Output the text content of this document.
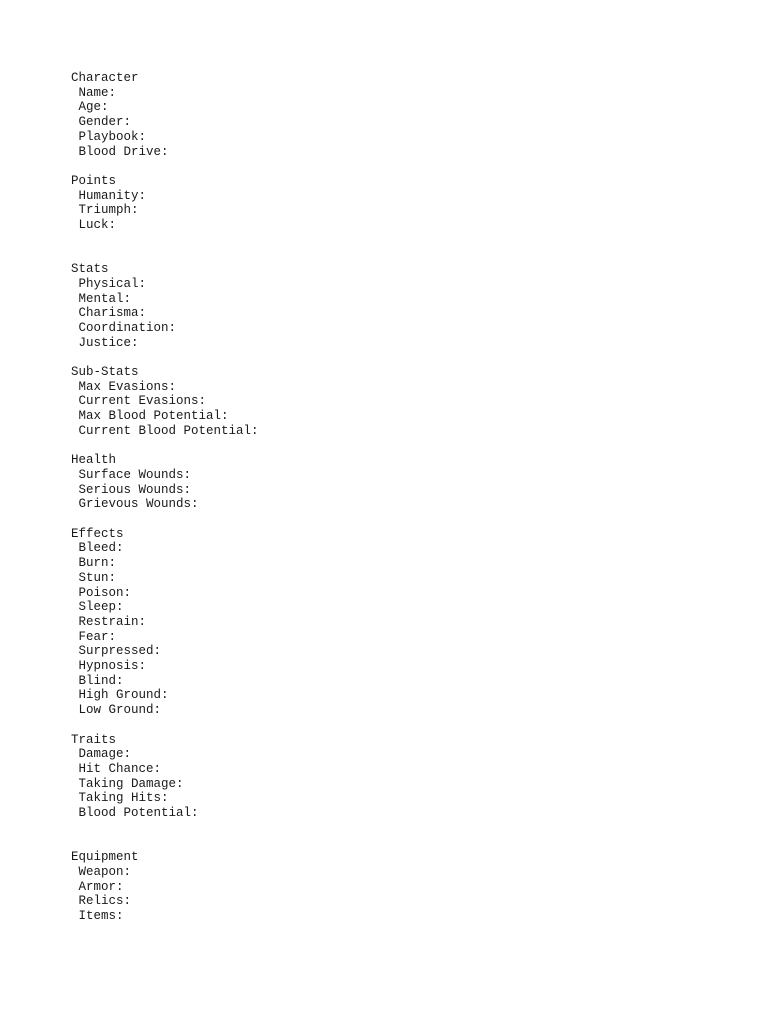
Character
Name:
Age:
Gender:
Playbook:
Blood Drive:
Points
Humanity:
Triumph:
Luck:
Stats
Physical:
Mental:
Charisma:
Coordination:
Justice:
Sub-Stats
Max Evasions:
Current Evasions:
Max Blood Potential:
Current Blood Potential:
Health
Surface Wounds:
Serious Wounds:
Grievous Wounds:
Effects
Bleed:
Burn:
Stun:
Poison:
Sleep:
Restrain:
Fear:
Surpressed:
Hypnosis:
Blind:
High Ground:
Low Ground:
Traits
Damage:
Hit Chance:
Taking Damage:
Taking Hits:
Blood Potential:
Equipment
Weapon:
Armor:
Relics:
Items:
